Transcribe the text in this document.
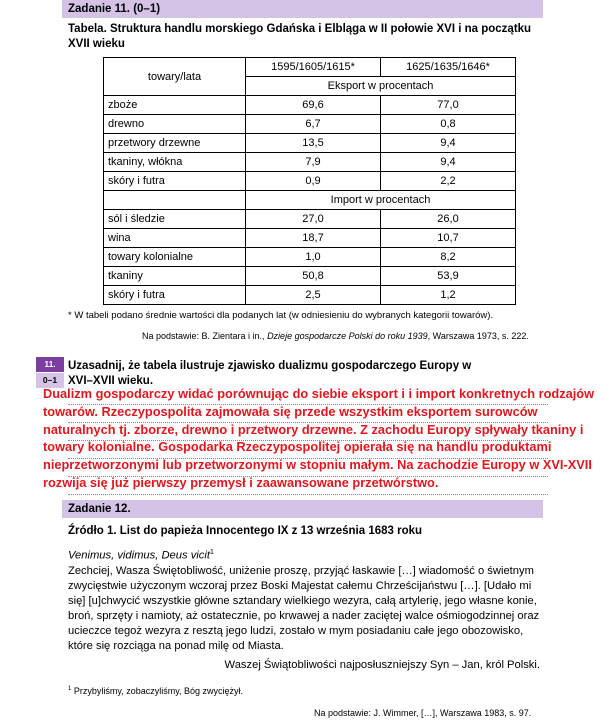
Zadanie 11. (0–1)
Tabela. Struktura handlu morskiego Gdańska i Elbląga w II połowie XVI i na początku XVII wieku
towary/lata	1595/1605/1615*	1625/1635/1646*
	Eksport w procentach	
zboże	69,6	77,0
drewno	6,7	0,8
przetwory drzewne	13,5	9,4
tkaniny, włókna	7,9	9,4
skóry i futra	0,9	2,2
	Import w procentach	
sól i śledzie	27,0	26,0
wina	18,7	10,7
towary kolonialne	1,0	8,2
tkaniny	50,8	53,9
skóry i futra	2,5	1,2
* W tabeli podano średnie wartości dla podanych lat (w odniesieniu do wybranych kategorii towarów).
Na podstawie: B. Zientara i in., Dzieje gospodarcze Polski do roku 1939, Warszawa 1973, s. 222.
11.
0–1
Uzasadnij, że tabela ilustruje zjawisko dualizmu gospodarczego Europy w XVI–XVII wieku.
Dualizm gospodarczy widać porównując do siebie eksport i i import konkretnych rodzajów towarów. Rzeczypospolita zajmowała się przede wszystkim eksportem surowców naturalnych tj. zborze, drewno i przetwory drzewne. Z zachodu Europy spływały tkaniny i towary kolonialne. Gospodarka Rzeczypospolitej opierała się na handlu produktami nieprzetworzonymi lub przetworzonymi w stopniu małym. Na zachodzie Europy w XVI-XVII rozwija się już pierwszy przemysł i zaawansowane przetwórstwo.
Zadanie 12.
Źródło 1. List do papieża Innocentego IX z 13 września 1683 roku

Venimus, vidimus, Deus vicit$^1$

Zechciej, Wasza Świętobliwość, uniżenie proszę, przyjąć łaskawie […] wiadomość o świetnym zwycięstwie użyczonym wczoraj przez Boski Majestat całemu Chrześcijaństwu […]. [Udało mi się] [u]chwycić wszystkie główne sztandary wielkiego wezyra, całą artylerię, jego własne konie, broń, sprzęty i namioty, aż ostatecznie, po krwawej a nader zaciętej walce ośmiogodzinnej oraz ucieczce tegoż wezyra z resztą jego ludzi, zostało w mym posiadaniu całe jego obozowisko, które się rozciąga na ponad milę od Miasta.

Waszej Świątobliwości najposłuszniejszy Syn – Jan, król Polski.
$^1$ Przybyliśmy, zobaczyliśmy, Bóg zwyciężył.
Na podstawie: J. Wimmer, […], Warszawa 1983, s. 97.
